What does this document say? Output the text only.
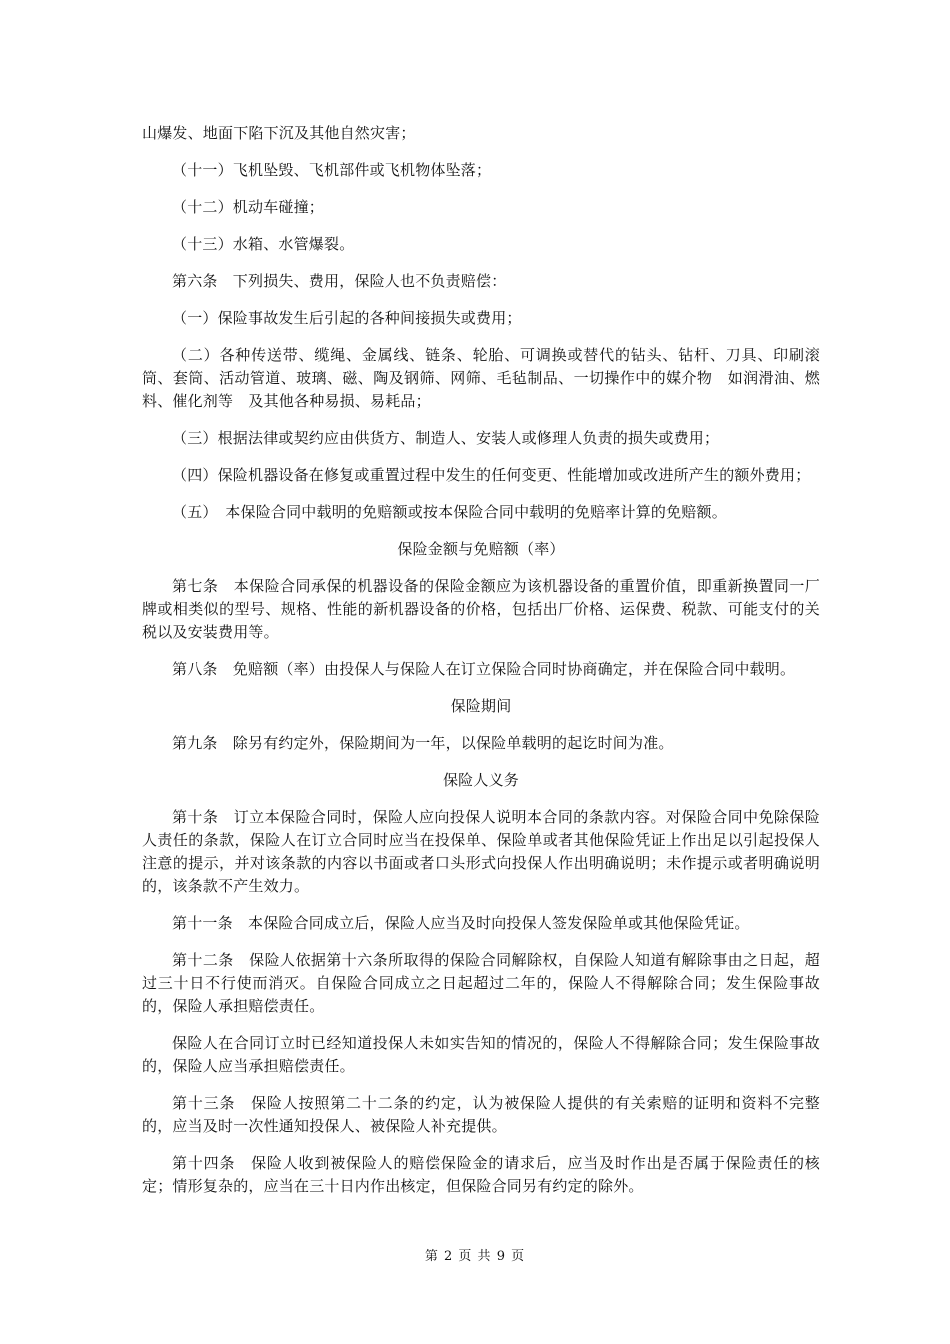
山爆发、地面下陷下沉及其他自然灾害；

（十一）飞机坠毁、飞机部件或飞机物体坠落；

（十二）机动车碰撞；

（十三）水箱、水管爆裂。

第六条　下列损失、费用，保险人也不负责赔偿：

（一）保险事故发生后引起的各种间接损失或费用；

（二）各种传送带、缆绳、金属线、链条、轮胎、可调换或替代的钻头、钻杆、刀具、印刷滚筒、套筒、活动管道、玻璃、磁、陶及钢筛、网筛、毛毡制品、一切操作中的媒介物　如润滑油、燃料、催化剂等　及其他各种易损、易耗品；

（三）根据法律或契约应由供货方、制造人、安装人或修理人负责的损失或费用；

（四）保险机器设备在修复或重置过程中发生的任何变更、性能增加或改进所产生的额外费用；

（五）　本保险合同中载明的免赔额或按本保险合同中载明的免赔率计算的免赔额。

保险金额与免赔额（率）

第七条　本保险合同承保的机器设备的保险金额应为该机器设备的重置价值，即重新换置同一厂牌或相类似的型号、规格、性能的新机器设备的价格，包括出厂价格、运保费、税款、可能支付的关税以及安装费用等。

第八条　免赔额（率）由投保人与保险人在订立保险合同时协商确定，并在保险合同中载明。

保险期间

第九条　除另有约定外，保险期间为一年，以保险单载明的起讫时间为准。

保险人义务

第十条　订立本保险合同时，保险人应向投保人说明本合同的条款内容。对保险合同中免除保险人责任的条款，保险人在订立合同时应当在投保单、保险单或者其他保险凭证上作出足以引起投保人注意的提示，并对该条款的内容以书面或者口头形式向投保人作出明确说明；未作提示或者明确说明的，该条款不产生效力。

第十一条　本保险合同成立后，保险人应当及时向投保人签发保险单或其他保险凭证。

第十二条　保险人依据第十六条所取得的保险合同解除权，自保险人知道有解除事由之日起，超过三十日不行使而消灭。自保险合同成立之日起超过二年的，保险人不得解除合同；发生保险事故的，保险人承担赔偿责任。

保险人在合同订立时已经知道投保人未如实告知的情况的，保险人不得解除合同；发生保险事故的，保险人应当承担赔偿责任。

第十三条　保险人按照第二十二条的约定，认为被保险人提供的有关索赔的证明和资料不完整的，应当及时一次性通知投保人、被保险人补充提供。

第十四条　保险人收到被保险人的赔偿保险金的请求后，应当及时作出是否属于保险责任的核定；情形复杂的，应当在三十日内作出核定，但保险合同另有约定的除外。

第 2 页 共 9 页
